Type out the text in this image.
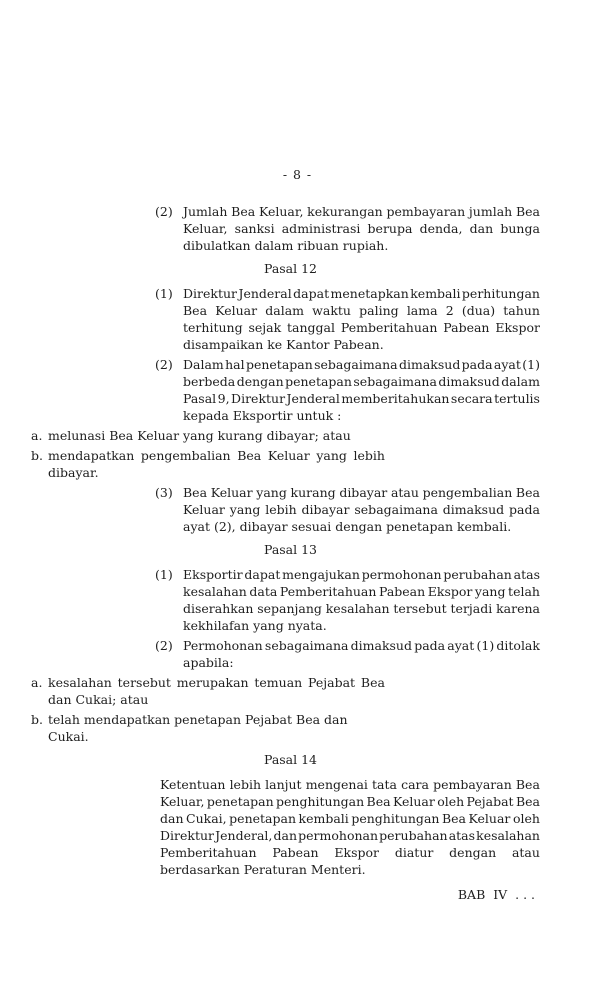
- 8 -
(2) Jumlah Bea Keluar, kekurangan pembayaran jumlah Bea
Keluar, sanksi administrasi berupa denda, dan bunga
dibulatkan dalam ribuan rupiah.
Pasal 12
(1) Direktur Jenderal dapat menetapkan kembali perhitungan
Bea Keluar dalam waktu paling lama 2 (dua) tahun
terhitung sejak tanggal Pemberitahuan Pabean Ekspor
disampaikan ke Kantor Pabean.
(2) Dalam hal penetapan sebagaimana dimaksud pada ayat (1)
berbeda dengan penetapan sebagaimana dimaksud dalam
Pasal 9, Direktur Jenderal memberitahukan secara tertulis
kepada Eksportir untuk :
a. melunasi Bea Keluar yang kurang dibayar; atau
b. mendapatkan pengembalian Bea Keluar yang lebih
dibayar.
(3) Bea Keluar yang kurang dibayar atau pengembalian Bea
Keluar yang lebih dibayar sebagaimana dimaksud pada
ayat (2), dibayar sesuai dengan penetapan kembali.
Pasal 13
(1) Eksportir dapat mengajukan permohonan perubahan atas
kesalahan data Pemberitahuan Pabean Ekspor yang telah
diserahkan sepanjang kesalahan tersebut terjadi karena
kekhilafan yang nyata.
(2) Permohonan sebagaimana dimaksud pada ayat (1) ditolak
apabila:
a. kesalahan tersebut merupakan temuan Pejabat Bea
dan Cukai; atau
b. telah mendapatkan penetapan Pejabat Bea dan Cukai.
Pasal 14
Ketentuan lebih lanjut mengenai tata cara pembayaran Bea
Keluar, penetapan penghitungan Bea Keluar oleh Pejabat Bea
dan Cukai, penetapan kembali penghitungan Bea Keluar oleh
Direktur Jenderal, dan permohonan perubahan atas kesalahan
Pemberitahuan Pabean Ekspor diatur dengan atau
berdasarkan Peraturan Menteri.
BAB  IV  . . .
